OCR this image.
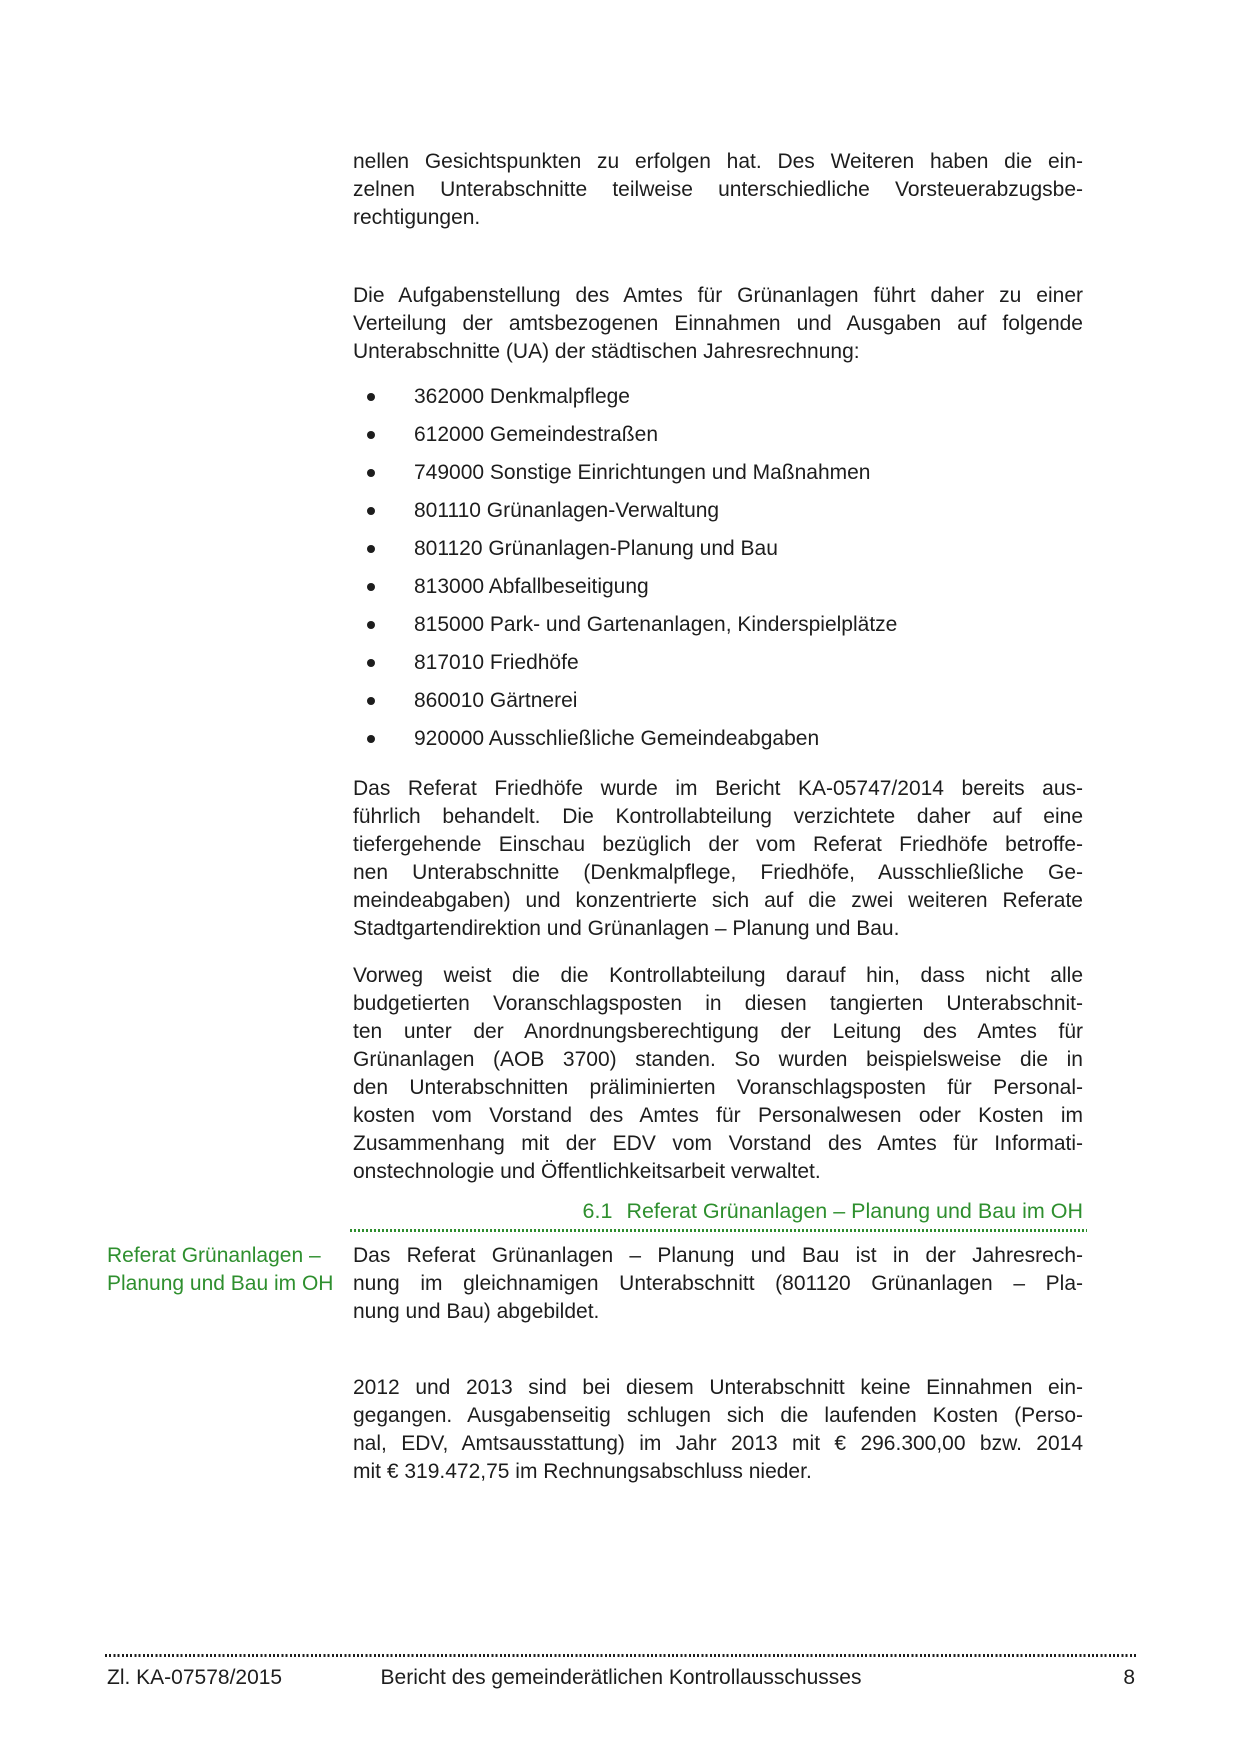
nellen Gesichtspunkten zu erfolgen hat. Des Weiteren haben die ein-
zelnen Unterabschnitte teilweise unterschiedliche Vorsteuerabzugsbe-
rechtigungen.
Die Aufgabenstellung des Amtes für Grünanlagen führt daher zu einer
Verteilung der amtsbezogenen Einnahmen und Ausgaben auf folgende
Unterabschnitte (UA) der städtischen Jahresrechnung:
362000 Denkmalpflege
612000 Gemeindestraßen
749000 Sonstige Einrichtungen und Maßnahmen
801110 Grünanlagen-Verwaltung
801120 Grünanlagen-Planung und Bau
813000 Abfallbeseitigung
815000 Park- und Gartenanlagen, Kinderspielplätze
817010 Friedhöfe
860010 Gärtnerei
920000 Ausschließliche Gemeindeabgaben
Das Referat Friedhöfe wurde im Bericht KA-05747/2014 bereits aus-
führlich behandelt. Die Kontrollabteilung verzichtete daher auf eine
tiefergehende Einschau bezüglich der vom Referat Friedhöfe betroffe-
nen Unterabschnitte (Denkmalpflege, Friedhöfe, Ausschließliche Ge-
meindeabgaben) und konzentrierte sich auf die zwei weiteren Referate
Stadtgartendirektion und Grünanlagen – Planung und Bau.
Vorweg weist die die Kontrollabteilung darauf hin, dass nicht alle
budgetierten Voranschlagsposten in diesen tangierten Unterabschnit-
ten unter der Anordnungsberechtigung der Leitung des Amtes für
Grünanlagen (AOB 3700) standen. So wurden beispielsweise die in
den Unterabschnitten präliminierten Voranschlagsposten für Personal-
kosten vom Vorstand des Amtes für Personalwesen oder Kosten im
Zusammenhang mit der EDV vom Vorstand des Amtes für Informati-
onstechnologie und Öffentlichkeitsarbeit verwaltet.
6.1 Referat Grünanlagen – Planung und Bau im OH
Referat Grünanlagen –
Planung und Bau im OH
Das Referat Grünanlagen – Planung und Bau ist in der Jahresrech-
nung im gleichnamigen Unterabschnitt (801120 Grünanlagen – Pla-
nung und Bau) abgebildet.
2012 und 2013 sind bei diesem Unterabschnitt keine Einnahmen ein-
gegangen. Ausgabenseitig schlugen sich die laufenden Kosten (Perso-
nal, EDV, Amtsausstattung) im Jahr 2013 mit € 296.300,00 bzw. 2014
mit € 319.472,75 im Rechnungsabschluss nieder.
Zl. KA-07578/2015	Bericht des gemeinderätlichen Kontrollausschusses	8
